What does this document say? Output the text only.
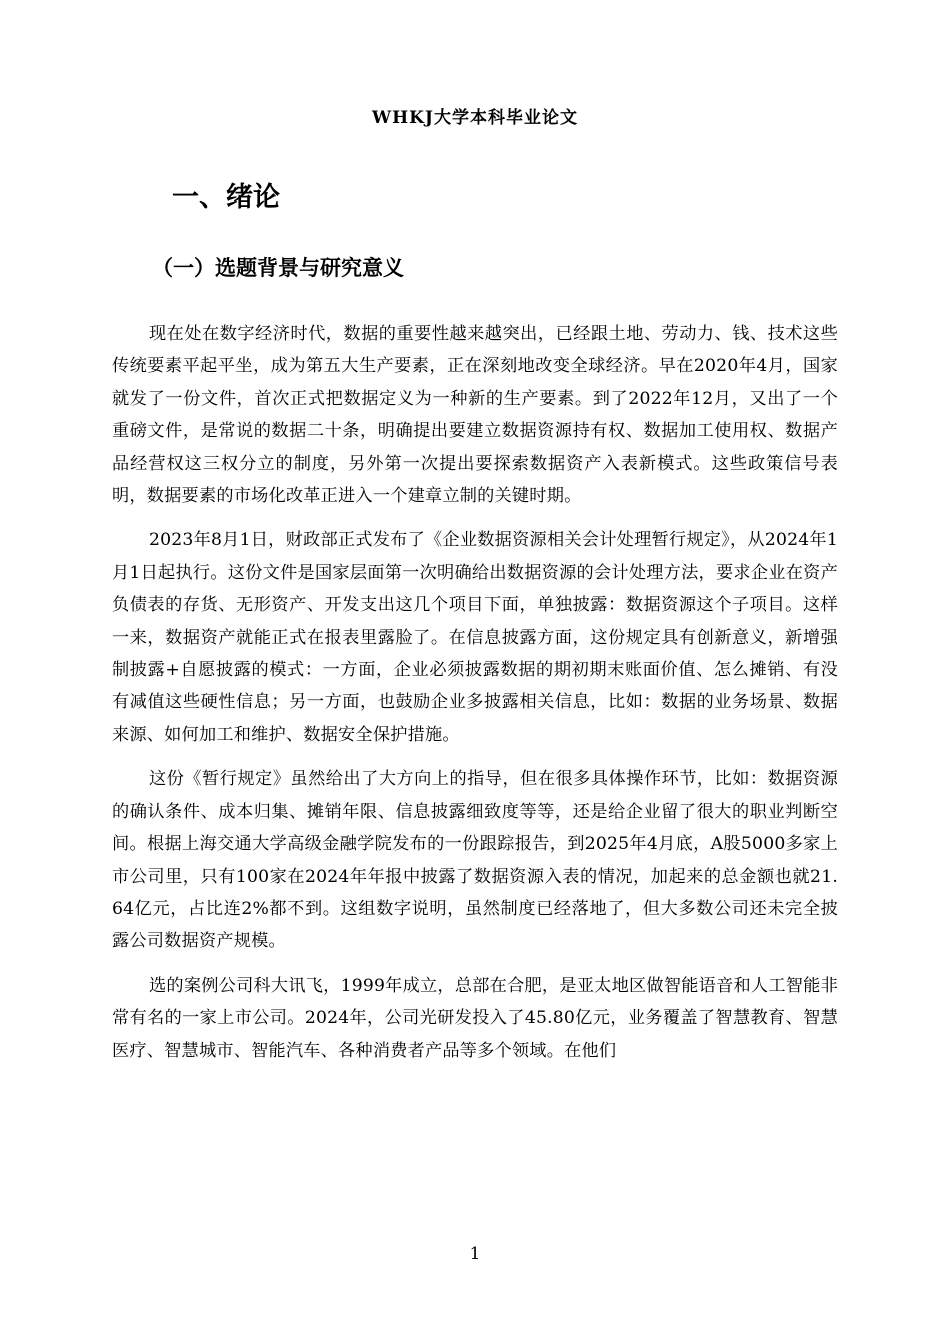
WHKJ大学本科毕业论文
一、绪论
（一）选题背景与研究意义

现在处在数字经济时代，数据的重要性越来越突出，已经跟土地、劳动力、钱、技术这些传统要素平起平坐，成为第五大生产要素，正在深刻地改变全球经济。早在2020年4月，国家就发了一份文件，首次正式把数据定义为一种新的生产要素。到了2022年12月，又出了一个重磅文件，是常说的数据二十条，明确提出要建立数据资源持有权、数据加工使用权、数据产品经营权这三权分立的制度，另外第一次提出要探索数据资产入表新模式。这些政策信号表明，数据要素的市场化改革正进入一个建章立制的关键时期。

2023年8月1日，财政部正式发布了《企业数据资源相关会计处理暂行规定》，从2024年1月1日起执行。这份文件是国家层面第一次明确给出数据资源的会计处理方法，要求企业在资产负债表的存货、无形资产、开发支出这几个项目下面，单独披露：数据资源这个子项目。这样一来，数据资产就能正式在报表里露脸了。在信息披露方面，这份规定具有创新意义，新增强制披露+自愿披露的模式：一方面，企业必须披露数据的期初期末账面价值、怎么摊销、有没有减值这些硬性信息；另一方面，也鼓励企业多披露相关信息，比如：数据的业务场景、数据来源、如何加工和维护、数据安全保护措施。

这份《暂行规定》虽然给出了大方向上的指导，但在很多具体操作环节，比如：数据资源的确认条件、成本归集、摊销年限、信息披露细致度等等，还是给企业留了很大的职业判断空间。根据上海交通大学高级金融学院发布的一份跟踪报告，到2025年4月底，A股5000多家上市公司里，只有100家在2024年年报中披露了数据资源入表的情况，加起来的总金额也就21. 64亿元，占比连2%都不到。这组数字说明，虽然制度已经落地了，但大多数公司还未完全披露公司数据资产规模。

选的案例公司科大讯飞，1999年成立，总部在合肥，是亚太地区做智能语音和人工智能非常有名的一家上市公司。2024年，公司光研发投入了45.80亿元，业务覆盖了智慧教育、智慧医疗、智慧城市、智能汽车、各种消费者产品等多个领域。在他们

1
